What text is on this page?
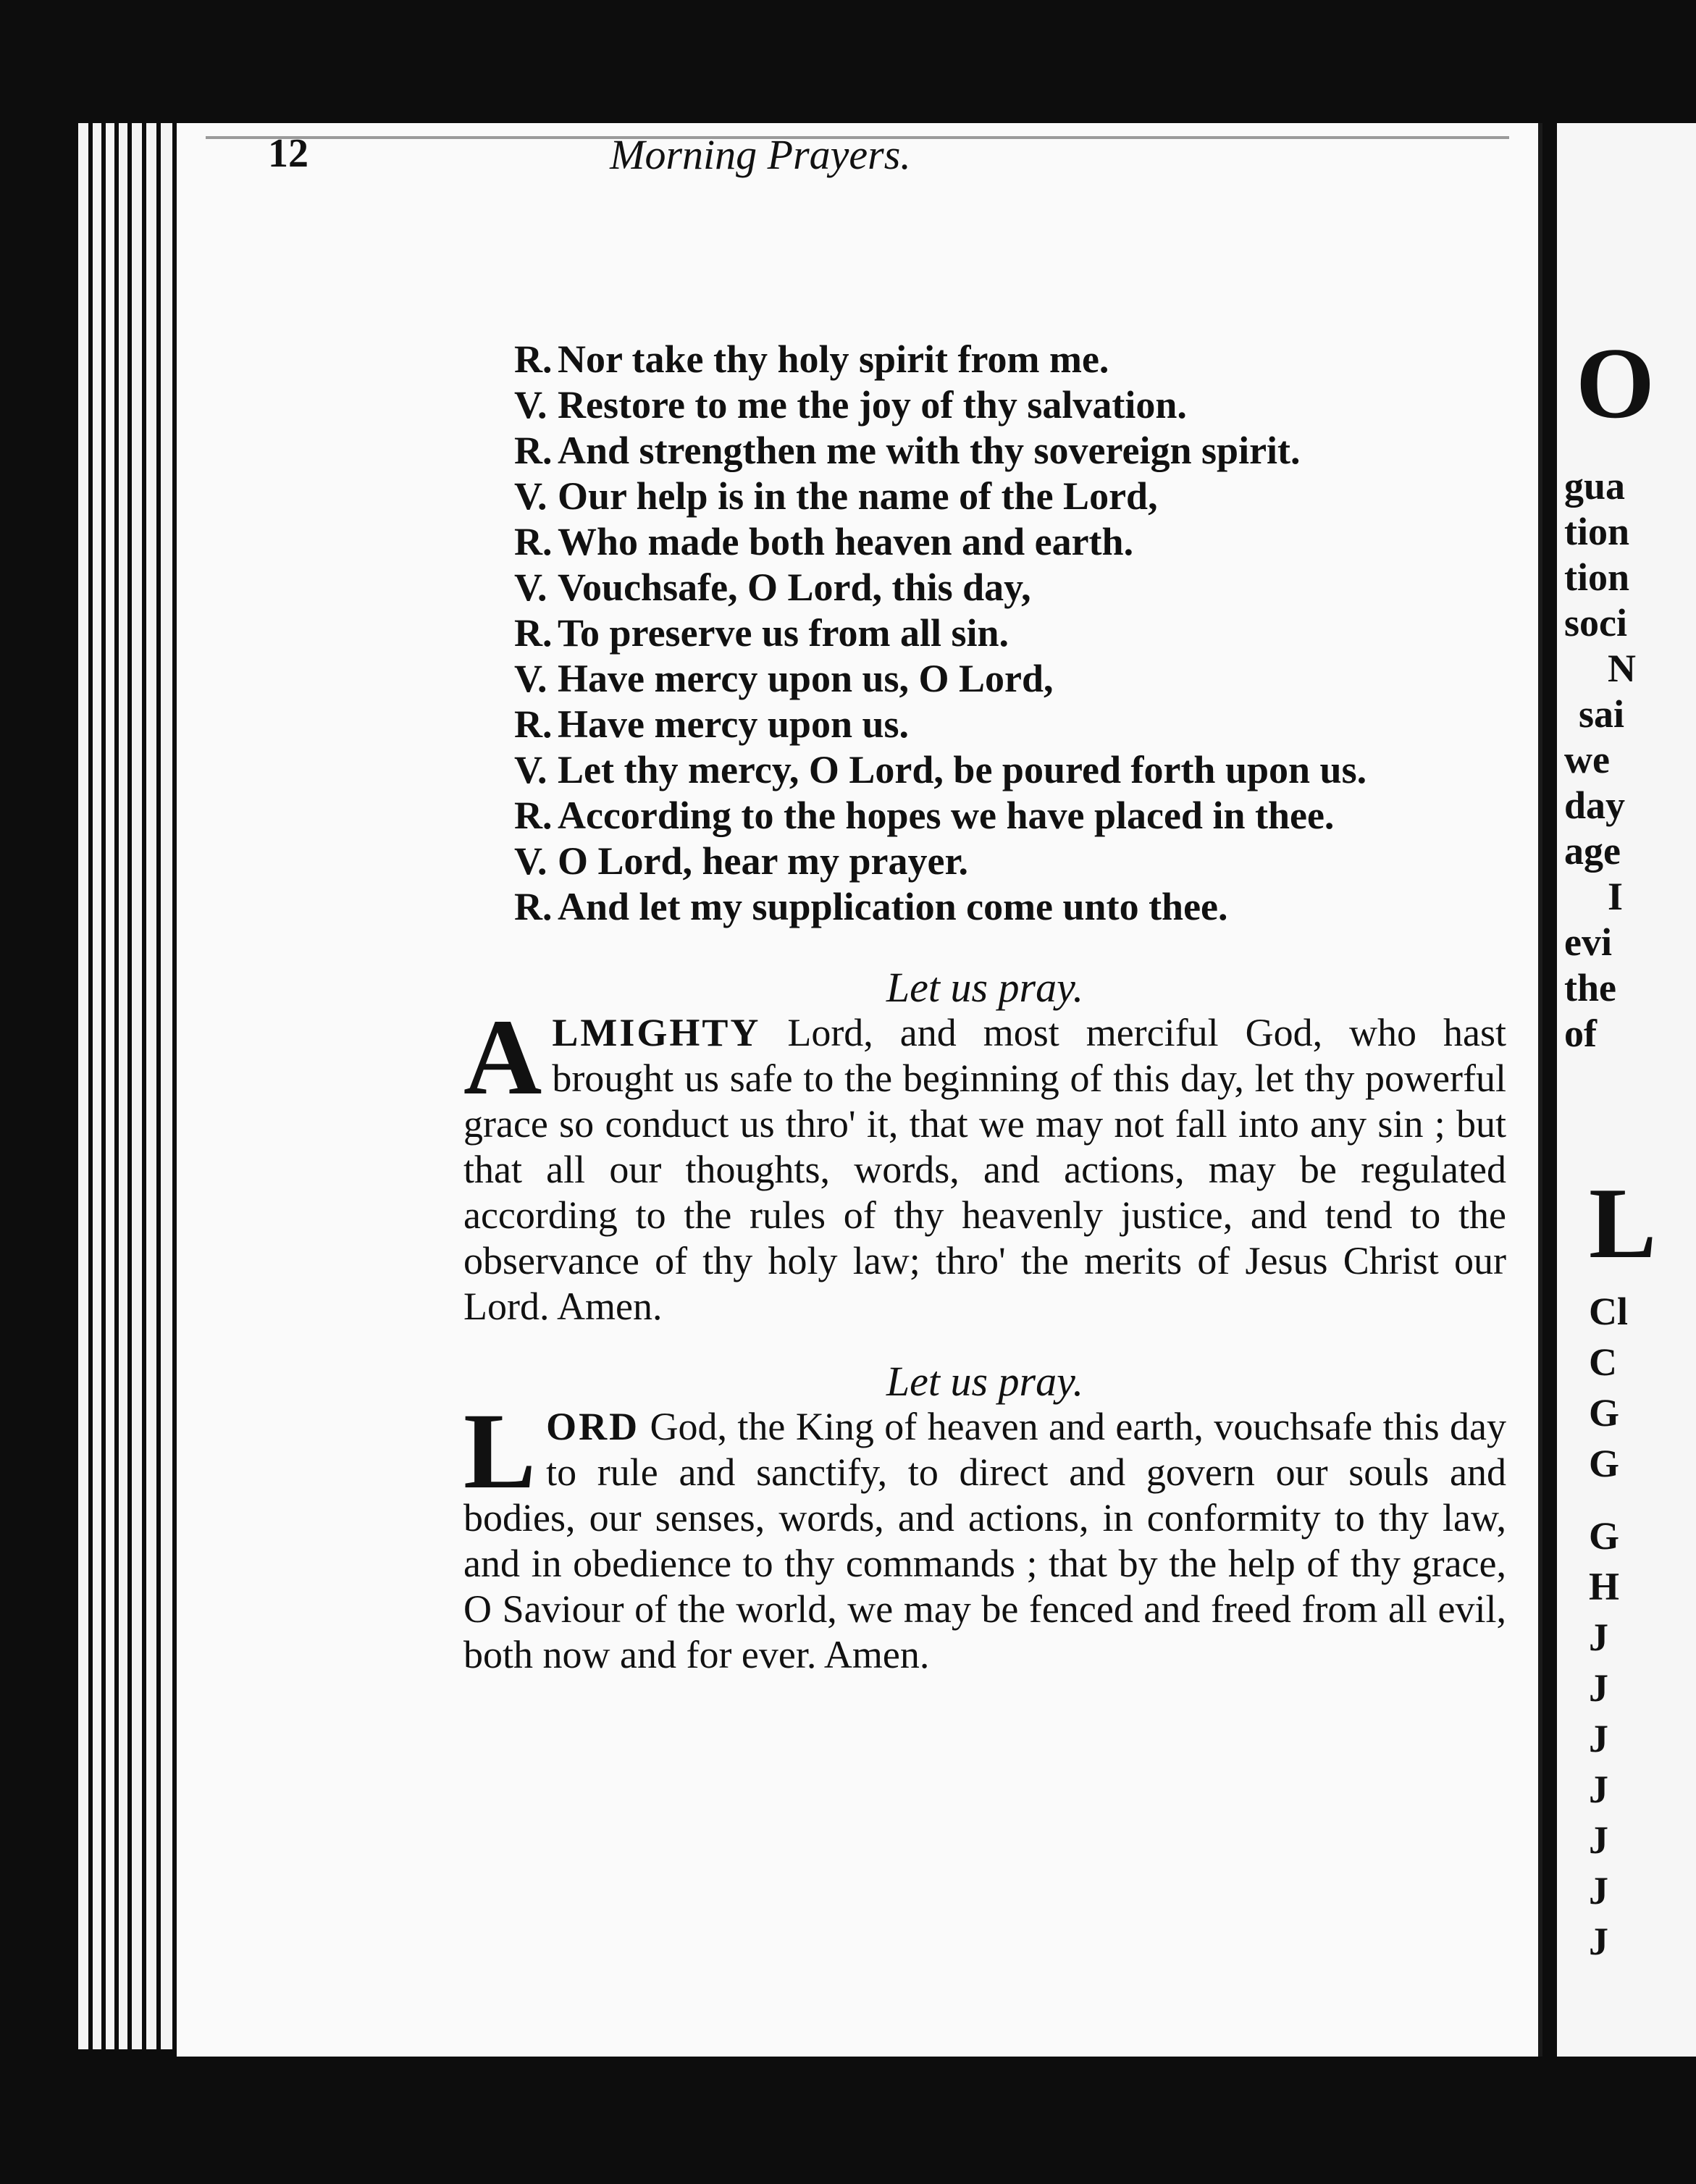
12	Morning Prayers.

R. Nor take thy holy spirit from me.

V. Restore to me the joy of thy salvation.

R. And strengthen me with thy sovereign spirit.

V. Our help is in the name of the Lord,

R. Who made both heaven and earth.

V. Vouchsafe, O Lord, this day,

R. To preserve us from all sin.

V. Have mercy upon us, O Lord,

R. Have mercy upon us.

V. Let thy mercy, O Lord, be poured forth upon us.

R. According to the hopes we have placed in thee.

V. O Lord, hear my prayer.

R. And let my supplication come unto thee.

Let us pray.

ALMIGHTY Lord, and most merciful God, who hast brought us safe to the beginning of this day, let thy powerful grace so conduct us thro' it, that we may not fall into any sin ; but that all our thoughts, words, and actions, may be regulated according to the rules of thy heavenly justice, and tend to the observance of thy holy law; thro' the merits of Jesus Christ our Lord. Amen.

Let us pray.

LORD God, the King of heaven and earth, vouchsafe this day to rule and sanctify, to direct and govern our souls and bodies, our senses, words, and actions, in conformity to thy law, and in obedience to thy commands ; that by the help of thy grace, O Saviour of the world, we may be fenced and freed from all evil, both now and for ever. Amen.

O
gua
tion
tion
soci
N
sai
we
day
age
I
evi
the
of
L
Cl
C
G
G
G
H
J
J
J
J
J
J
J
